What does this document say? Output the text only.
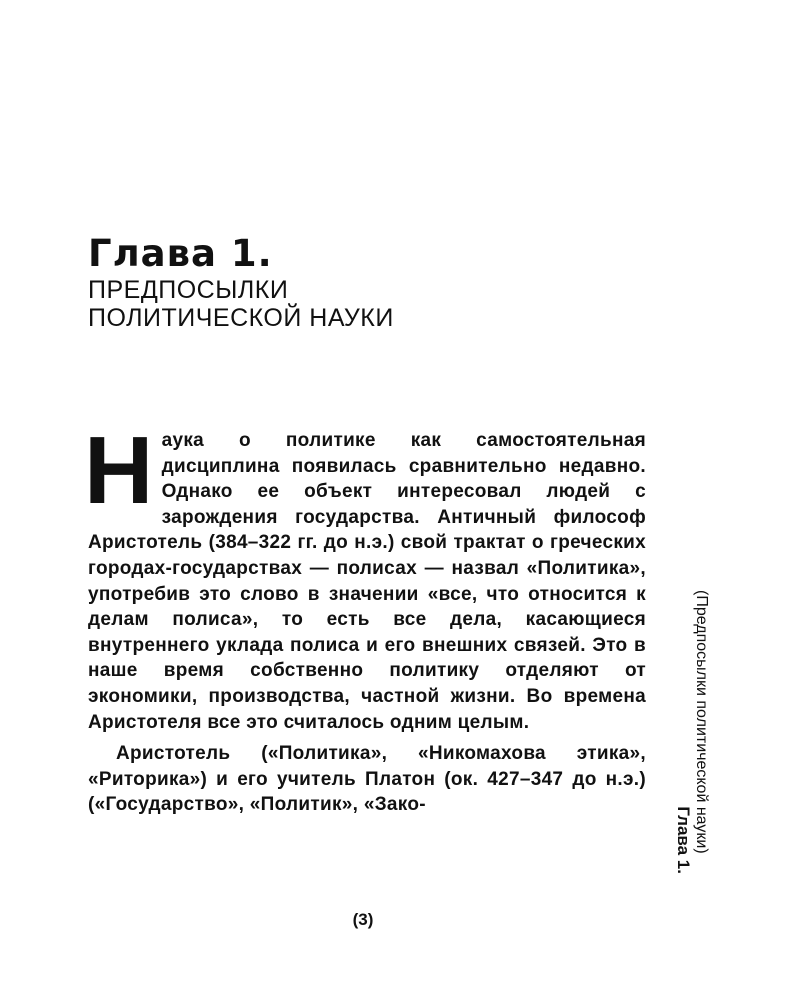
Глава 1.
ПРЕДПОСЫЛКИ
ПОЛИТИЧЕСКОЙ НАУКИ

Наука о политике как самостоятельная дисциплина появилась сравнительно недавно. Однако ее объект интересовал людей с зарождения государства. Античный философ Аристотель (384–322 гг. до н.э.) свой трактат о греческих городах-государствах — полисах — назвал «Политика», употребив это слово в значении «все, что относится к делам полиса», то есть все дела, касающиеся внутреннего уклада полиса и его внешних связей. Это в наше время собственно политику отделяют от экономики, производства, частной жизни. Во времена Аристотеля все это считалось одним целым.

Аристотель («Политика», «Никомахова этика», «Риторика») и его учитель Платон (ок. 427–347 до н.э.) («Государство», «Политик», «Зако-	(Предпосылки политической науки)
Глава 1.
(3)
